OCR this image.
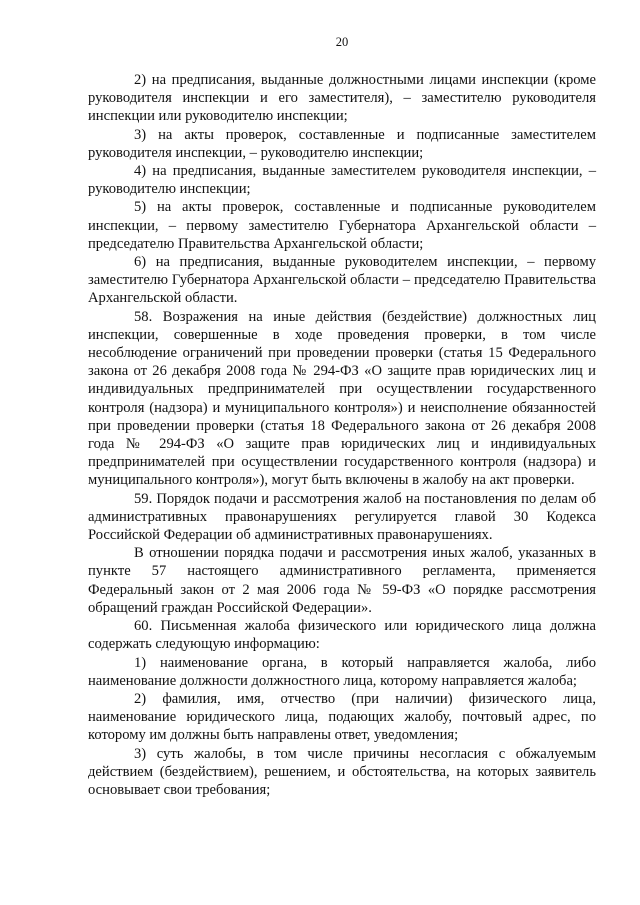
20

2) на предписания, выданные должностными лицами инспекции (кроме руководителя инспекции и его заместителя), – заместителю руководителя инспекции или руководителю инспекции;

3) на акты проверок, составленные и подписанные заместителем руководителя инспекции, – руководителю инспекции;

4) на предписания, выданные заместителем руководителя инспекции, – руководителю инспекции;

5) на акты проверок, составленные и подписанные руководителем инспекции, – первому заместителю Губернатора Архангельской области – председателю Правительства Архангельской области;

6) на предписания, выданные руководителем инспекции, – первому заместителю Губернатора Архангельской области – председателю Правительства Архангельской области.

58. Возражения на иные действия (бездействие) должностных лиц инспекции, совершенные в ходе проведения проверки, в том числе несоблюдение ограничений при проведении проверки (статья 15 Федерального закона от 26 декабря 2008 года № 294-ФЗ «О защите прав юридических лиц и индивидуальных предпринимателей при осуществлении государственного контроля (надзора) и муниципального контроля») и неисполнение обязанностей при проведении проверки (статья 18 Федерального закона от 26 декабря 2008 года № 294-ФЗ «О защите прав юридических лиц и индивидуальных предпринимателей при осуществлении государственного контроля (надзора) и муниципального контроля»), могут быть включены в жалобу на акт проверки.

59. Порядок подачи и рассмотрения жалоб на постановления по делам об административных правонарушениях регулируется главой 30 Кодекса Российской Федерации об административных правонарушениях.

В отношении порядка подачи и рассмотрения иных жалоб, указанных в пункте 57 настоящего административного регламента, применяется Федеральный закон от 2 мая 2006 года № 59-ФЗ «О порядке рассмотрения обращений граждан Российской Федерации».

60. Письменная жалоба физического или юридического лица должна содержать следующую информацию:

1) наименование органа, в который направляется жалоба, либо наименование должности должностного лица, которому направляется жалоба;

2) фамилия, имя, отчество (при наличии) физического лица, наименование юридического лица, подающих жалобу, почтовый адрес, по которому им должны быть направлены ответ, уведомления;

3) суть жалобы, в том числе причины несогласия с обжалуемым действием (бездействием), решением, и обстоятельства, на которых заявитель основывает свои требования;
